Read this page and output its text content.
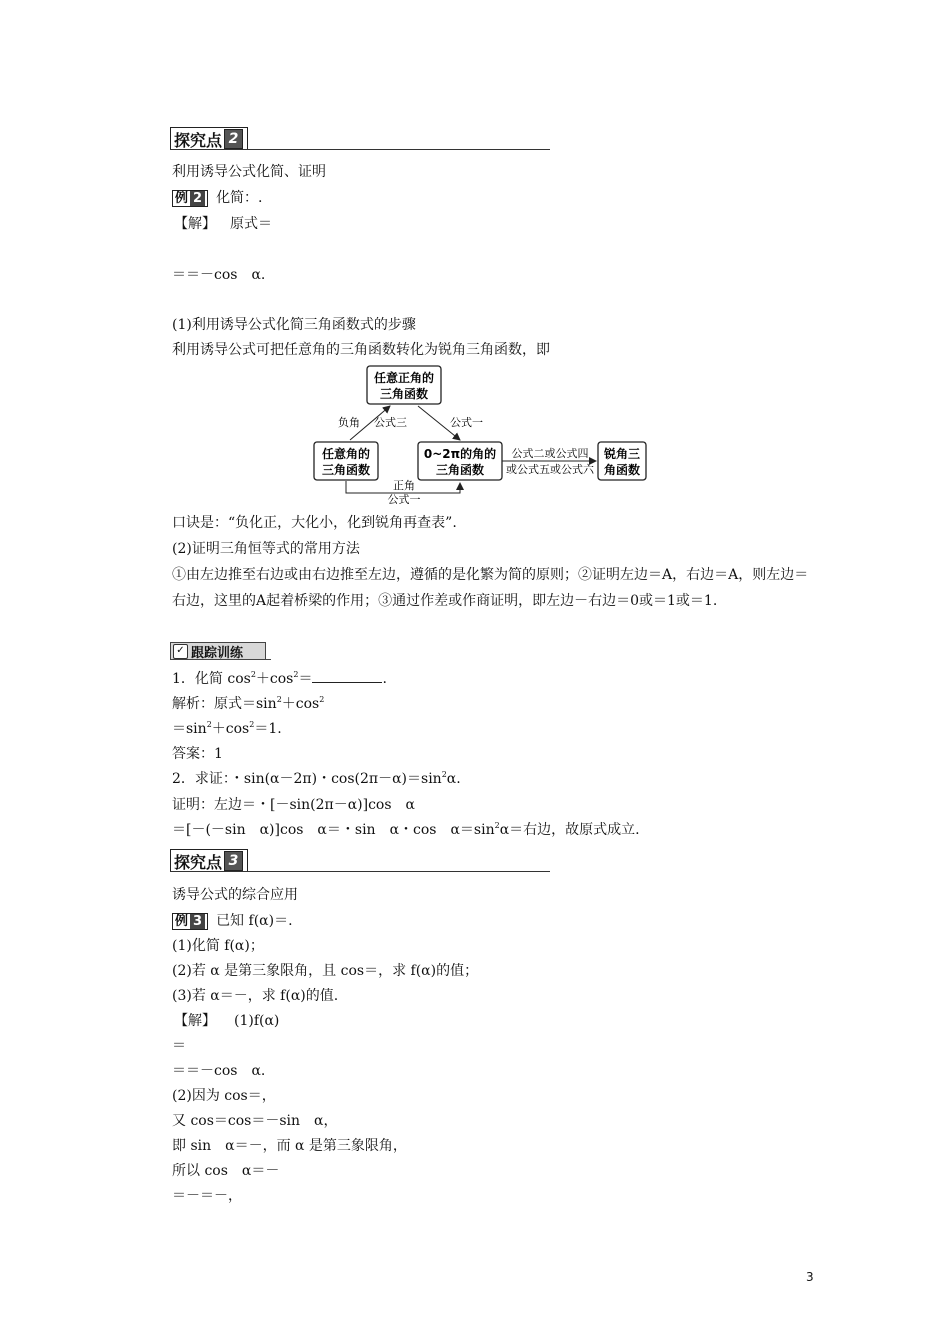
探究点 2
利用诱导公式化简、证明
例 2 化简：.
【解】 原式＝
＝＝－cos　α.
(1)利用诱导公式化简三角函数式的步骤
利用诱导公式可把任意角的三角函数转化为锐角三角函数，即
任意正角的
三角函数
任意角的
三角函数
0~2π的角的
三角函数
锐角三
角函数
负角 公式三	公式一
公式二或公式四
或公式五或公式六
正角
公式一
口诀是：“负化正，大化小，化到锐角再查表”.
(2)证明三角恒等式的常用方法
①由左边推至右边或由右边推至左边，遵循的是化繁为简的原则；②证明左边＝A，右边＝A，则左边＝右边，这里的A起着桥梁的作用；③通过作差或作商证明，即左边－右边＝0或＝1或＝1.
✓ 跟踪训练
1．化简 $\cos^2+\cos^2=$	.
解析：原式$=\sin^2+\cos^2$
$=\sin^2+\cos^2=1$.
答案：1
2．求证：・sin(α－2π)・$\cos(2\pi-\alpha)=\sin^2\alpha$.
证明：左边＝・[－sin(2π－α)]cos　α
＝[－(－sin　α)]cos　α＝・sin　α・cos　$\alpha=\sin^2\alpha=$右边，故原式成立.
探究点 3
诱导公式的综合应用
例 3 已知 f(α)＝.
(1)化简 f(α)；
(2)若 α 是第三象限角，且 cos＝，求 f(α)的值；
(3)若 α＝－，求 f(α)的值.
【解】 (1)f(α)
＝
＝＝－cos　α.
(2)因为 cos＝，
又 cos＝cos＝－sin　α，
即 sin　α＝－，而 α 是第三象限角，
所以 cos　α＝－
＝－＝－，
3
